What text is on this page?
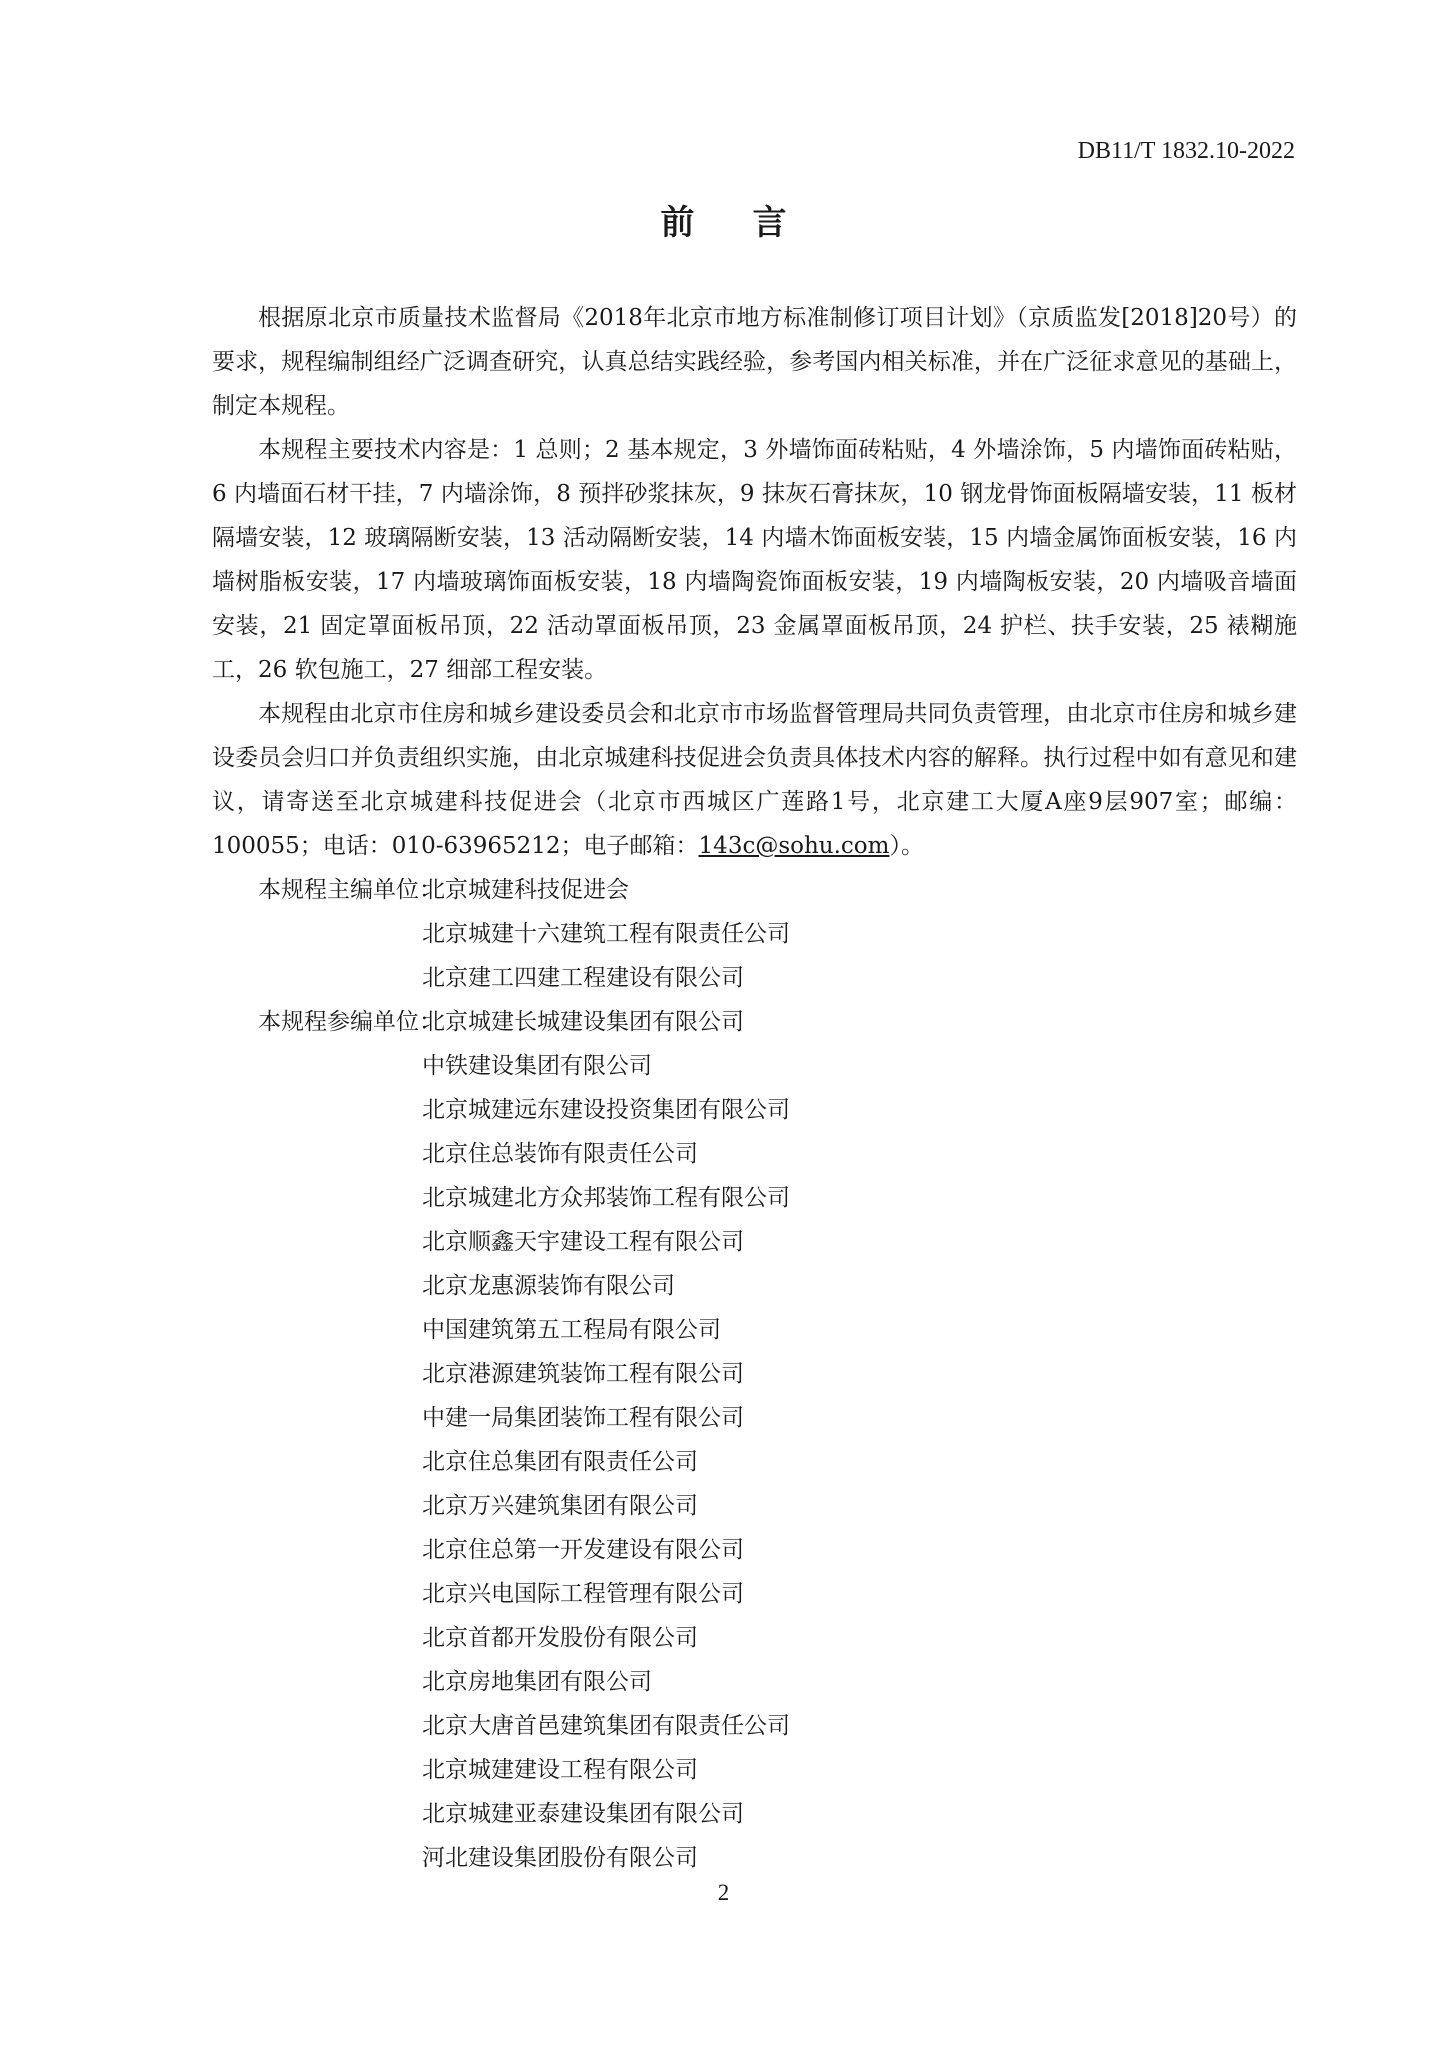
DB11/T 1832.10-2022
前 言

根据原北京市质量技术监督局《2018年北京市地方标准制修订项目计划》（京质监发[2018]20号）的要求，规程编制组经广泛调查研究，认真总结实践经验，参考国内相关标准，并在广泛征求意见的基础上，制定本规程。

本规程主要技术内容是：1 总则；2 基本规定，3 外墙饰面砖粘贴，4 外墙涂饰，5 内墙饰面砖粘贴，6 内墙面石材干挂，7 内墙涂饰，8 预拌砂浆抹灰，9 抹灰石膏抹灰，10 钢龙骨饰面板隔墙安装，11 板材隔墙安装，12 玻璃隔断安装，13 活动隔断安装，14 内墙木饰面板安装，15 内墙金属饰面板安装，16 内墙树脂板安装，17 内墙玻璃饰面板安装，18 内墙陶瓷饰面板安装，19 内墙陶板安装，20 内墙吸音墙面安装，21 固定罩面板吊顶，22 活动罩面板吊顶，23 金属罩面板吊顶，24 护栏、扶手安装，25 裱糊施工，26 软包施工，27 细部工程安装。

本规程由北京市住房和城乡建设委员会和北京市市场监督管理局共同负责管理，由北京市住房和城乡建设委员会归口并负责组织实施，由北京城建科技促进会负责具体技术内容的解释。执行过程中如有意见和建议，请寄送至北京城建科技促进会（北京市西城区广莲路1号，北京建工大厦A座9层907室；邮编：100055；电话：010-63965212；电子邮箱：143c@sohu.com）。

本规程主编单位：
北京城建科技促进会
北京城建十六建筑工程有限责任公司
北京建工四建工程建设有限公司
本规程参编单位：
北京城建长城建设集团有限公司
中铁建设集团有限公司
北京城建远东建设投资集团有限公司
北京住总装饰有限责任公司
北京城建北方众邦装饰工程有限公司
北京顺鑫天宇建设工程有限公司
北京龙惠源装饰有限公司
中国建筑第五工程局有限公司
北京港源建筑装饰工程有限公司
中建一局集团装饰工程有限公司
北京住总集团有限责任公司
北京万兴建筑集团有限公司
北京住总第一开发建设有限公司
北京兴电国际工程管理有限公司
北京首都开发股份有限公司
北京房地集团有限公司
北京大唐首邑建筑集团有限责任公司
北京城建建设工程有限公司
北京城建亚泰建设集团有限公司
河北建设集团股份有限公司
2
